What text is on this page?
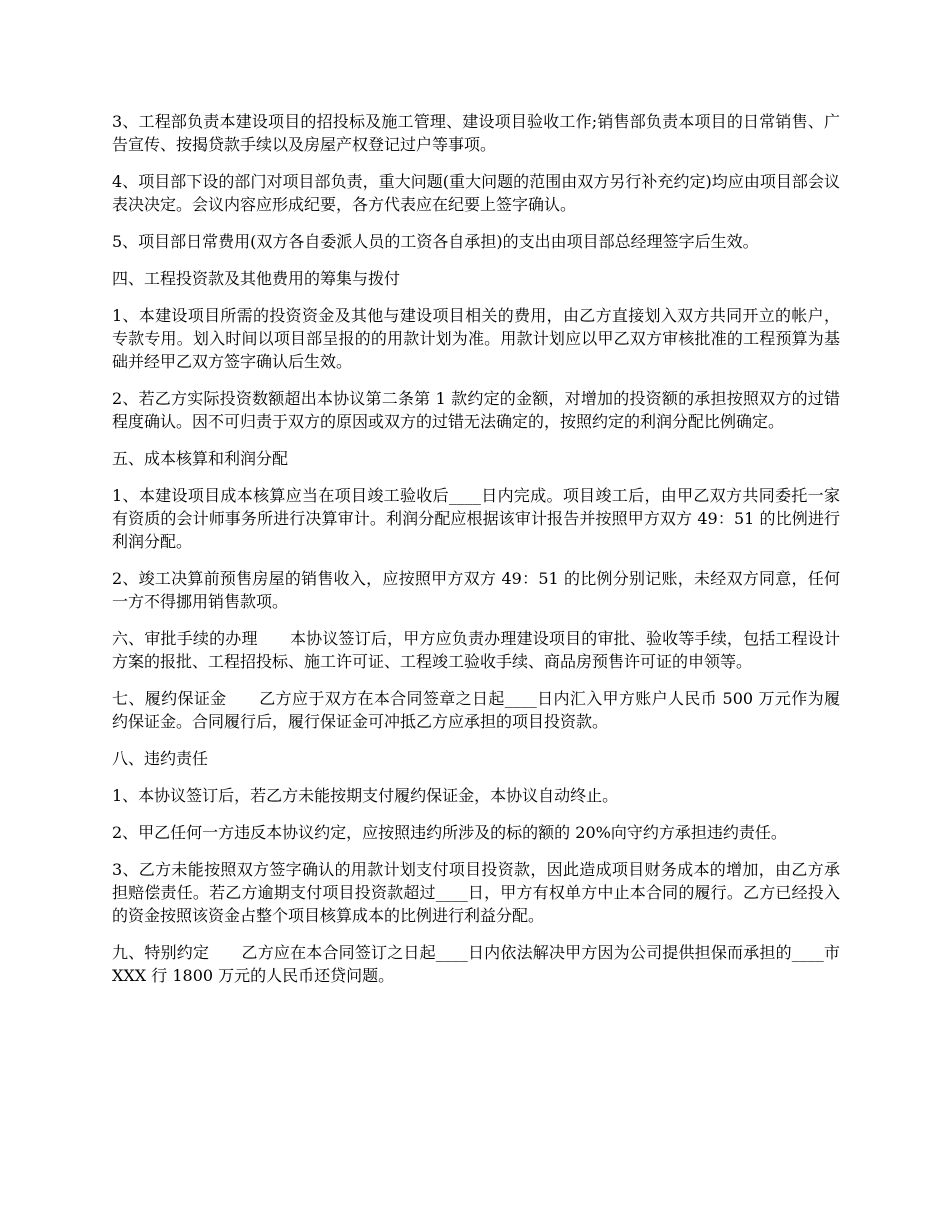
3、工程部负责本建设项目的招投标及施工管理、建设项目验收工作;销售部负责本项目的日常销售、广告宣传、按揭贷款手续以及房屋产权登记过户等事项。

4、项目部下设的部门对项目部负责，重大问题(重大问题的范围由双方另行补充约定)均应由项目部会议表决决定。会议内容应形成纪要，各方代表应在纪要上签字确认。

5、项目部日常费用(双方各自委派人员的工资各自承担)的支出由项目部总经理签字后生效。

四、工程投资款及其他费用的筹集与拨付

1、本建设项目所需的投资资金及其他与建设项目相关的费用，由乙方直接划入双方共同开立的帐户，专款专用。划入时间以项目部呈报的的用款计划为准。用款计划应以甲乙双方审核批准的工程预算为基础并经甲乙双方签字确认后生效。

2、若乙方实际投资数额超出本协议第二条第 1 款约定的金额，对增加的投资额的承担按照双方的过错程度确认。因不可归责于双方的原因或双方的过错无法确定的，按照约定的利润分配比例确定。

五、成本核算和利润分配

1、本建设项目成本核算应当在项目竣工验收后____日内完成。项目竣工后，由甲乙双方共同委托一家有资质的会计师事务所进行决算审计。利润分配应根据该审计报告并按照甲方双方 49：51 的比例进行利润分配。

2、竣工决算前预售房屋的销售收入，应按照甲方双方 49：51 的比例分别记账，未经双方同意，任何一方不得挪用销售款项。

六、审批手续的办理　　本协议签订后，甲方应负责办理建设项目的审批、验收等手续，包括工程设计方案的报批、工程招投标、施工许可证、工程竣工验收手续、商品房预售许可证的申领等。

七、履约保证金　　乙方应于双方在本合同签章之日起____日内汇入甲方账户人民币 500 万元作为履约保证金。合同履行后，履行保证金可冲抵乙方应承担的项目投资款。

八、违约责任

1、本协议签订后，若乙方未能按期支付履约保证金，本协议自动终止。

2、甲乙任何一方违反本协议约定，应按照违约所涉及的标的额的 20%向守约方承担违约责任。

3、乙方未能按照双方签字确认的用款计划支付项目投资款，因此造成项目财务成本的增加，由乙方承担赔偿责任。若乙方逾期支付项目投资款超过____日，甲方有权单方中止本合同的履行。乙方已经投入的资金按照该资金占整个项目核算成本的比例进行利益分配。

九、特别约定　　乙方应在本合同签订之日起____日内依法解决甲方因为公司提供担保而承担的____市 XXX 行 1800 万元的人民币还贷问题。
